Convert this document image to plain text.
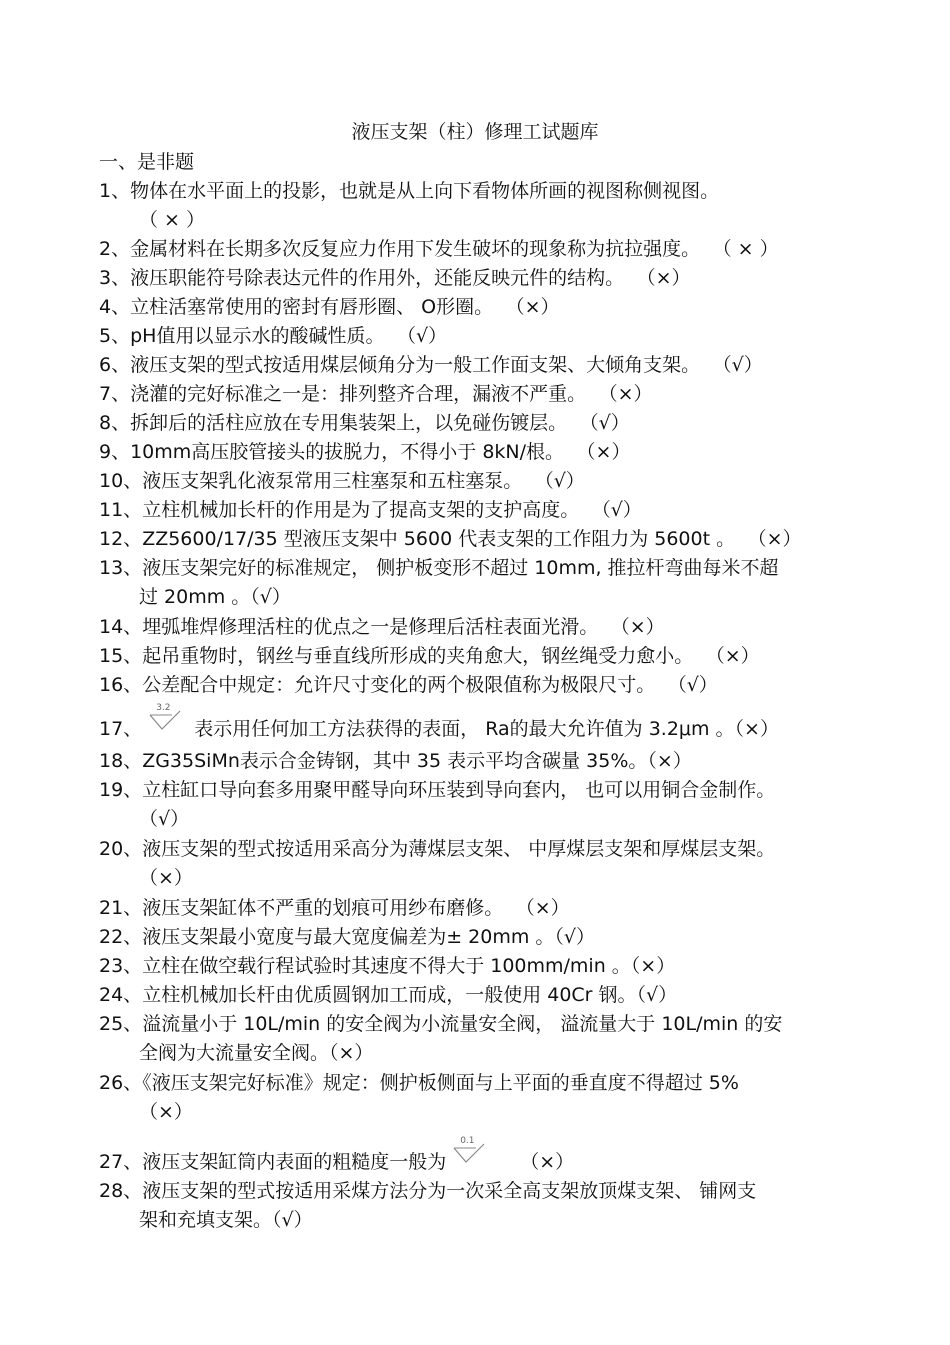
液压支架（柱）修理工试题库
一、是非题
1、物体在水平面上的投影，也就是从上向下看物体所画的视图称侧视图。
（ × ）
2、金属材料在长期多次反复应力作用下发生破坏的现象称为抗拉强度。 （ × ）
3、液压职能符号除表达元件的作用外，还能反映元件的结构。 （×）
4、立柱活塞常使用的密封有唇形圈、 O形圈。 （×）
5、pH值用以显示水的酸碱性质。 （√）
6、液压支架的型式按适用煤层倾角分为一般工作面支架、大倾角支架。 （√）
7、浇灌的完好标准之一是：排列整齐合理，漏液不严重。 （×）
8、拆卸后的活柱应放在专用集装架上，以免碰伤镀层。 （√）
9、10mm高压胶管接头的拔脱力，不得小于 8kN/根。 （×）
10、液压支架乳化液泵常用三柱塞泵和五柱塞泵。 （√）
11、立柱机械加长杆的作用是为了提高支架的支护高度。 （√）
12、ZZ5600/17/35 型液压支架中 5600 代表支架的工作阻力为 5600t 。 （×）
13、液压支架完好的标准规定， 侧护板变形不超过 10mm, 推拉杆弯曲每米不超
过 20mm 。（√）
14、埋弧堆焊修理活柱的优点之一是修理后活柱表面光滑。 （×）
15、起吊重物时，钢丝与垂直线所形成的夹角愈大，钢丝绳受力愈小。 （×）
16、公差配合中规定：允许尺寸变化的两个极限值称为极限尺寸。 （√）
17、
3.2
表示用任何加工方法获得的表面， Ra的最大允许值为 3.2μm 。（×）
18、ZG35SiMn表示合金铸钢，其中 35 表示平均含碳量 35%。（×）
19、立柱缸口导向套多用聚甲醛导向环压装到导向套内， 也可以用铜合金制作。
（√）
20、液压支架的型式按适用采高分为薄煤层支架、 中厚煤层支架和厚煤层支架。
（×）
21、液压支架缸体不严重的划痕可用纱布磨修。 （×）
22、液压支架最小宽度与最大宽度偏差为± 20mm 。（√）
23、立柱在做空载行程试验时其速度不得大于 100mm/min 。（×）
24、立柱机械加长杆由优质圆钢加工而成，一般使用 40Cr 钢。（√）
25、溢流量小于 10L/min 的安全阀为小流量安全阀， 溢流量大于 10L/min 的安
全阀为大流量安全阀。（×）
26、《液压支架完好标准》规定：侧护板侧面与上平面的垂直度不得超过 5%
（×）
27、液压支架缸筒内表面的粗糙度一般为
0.1
（×）
28、液压支架的型式按适用采煤方法分为一次采全高支架放顶煤支架、 铺网支
架和充填支架。（√）
